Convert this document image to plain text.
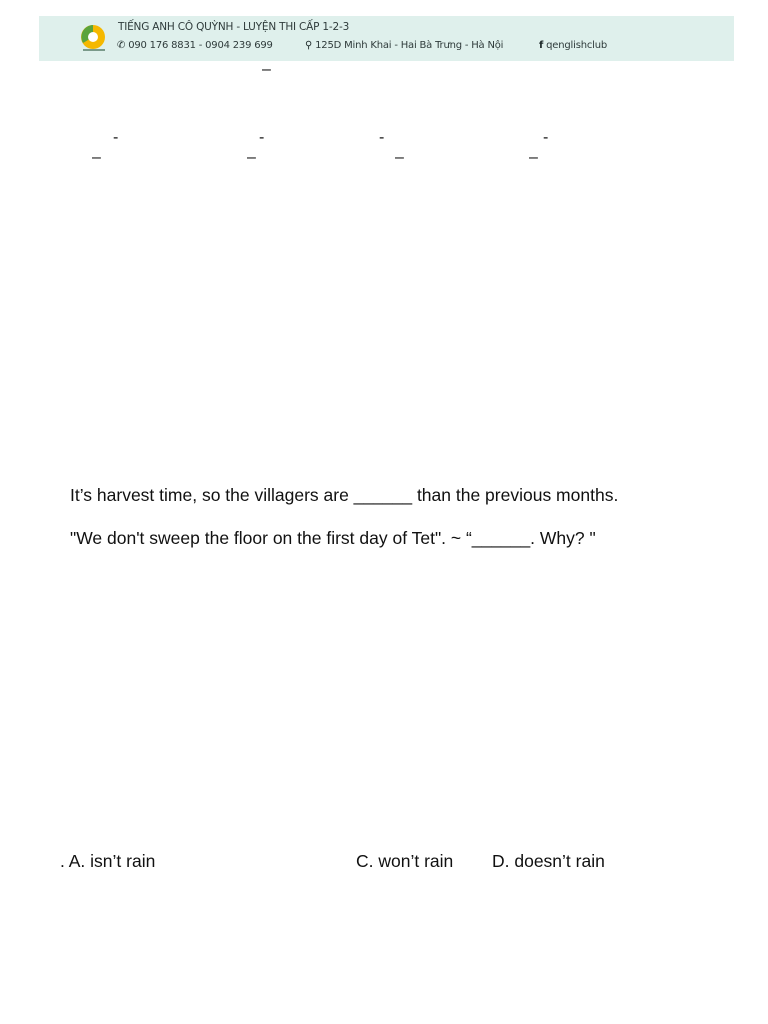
TIẾNG ANH CÔ QUỲNH - LUYỆN THI CẤP 1-2-3
✆ 090 176 8831 - 0904 239 699	⚲ 125D Minh Khai - Hai Bà Trưng - Hà Nội	f qenglishclub
–
-
–
-
–
-
–
-
–
It’s harvest time, so the villagers are ______ than the previous months.
"We don't sweep the floor on the first day of Tet". ~ “______. Why? "
. A. isn’t rain	C. won’t rain D. doesn’t rain
